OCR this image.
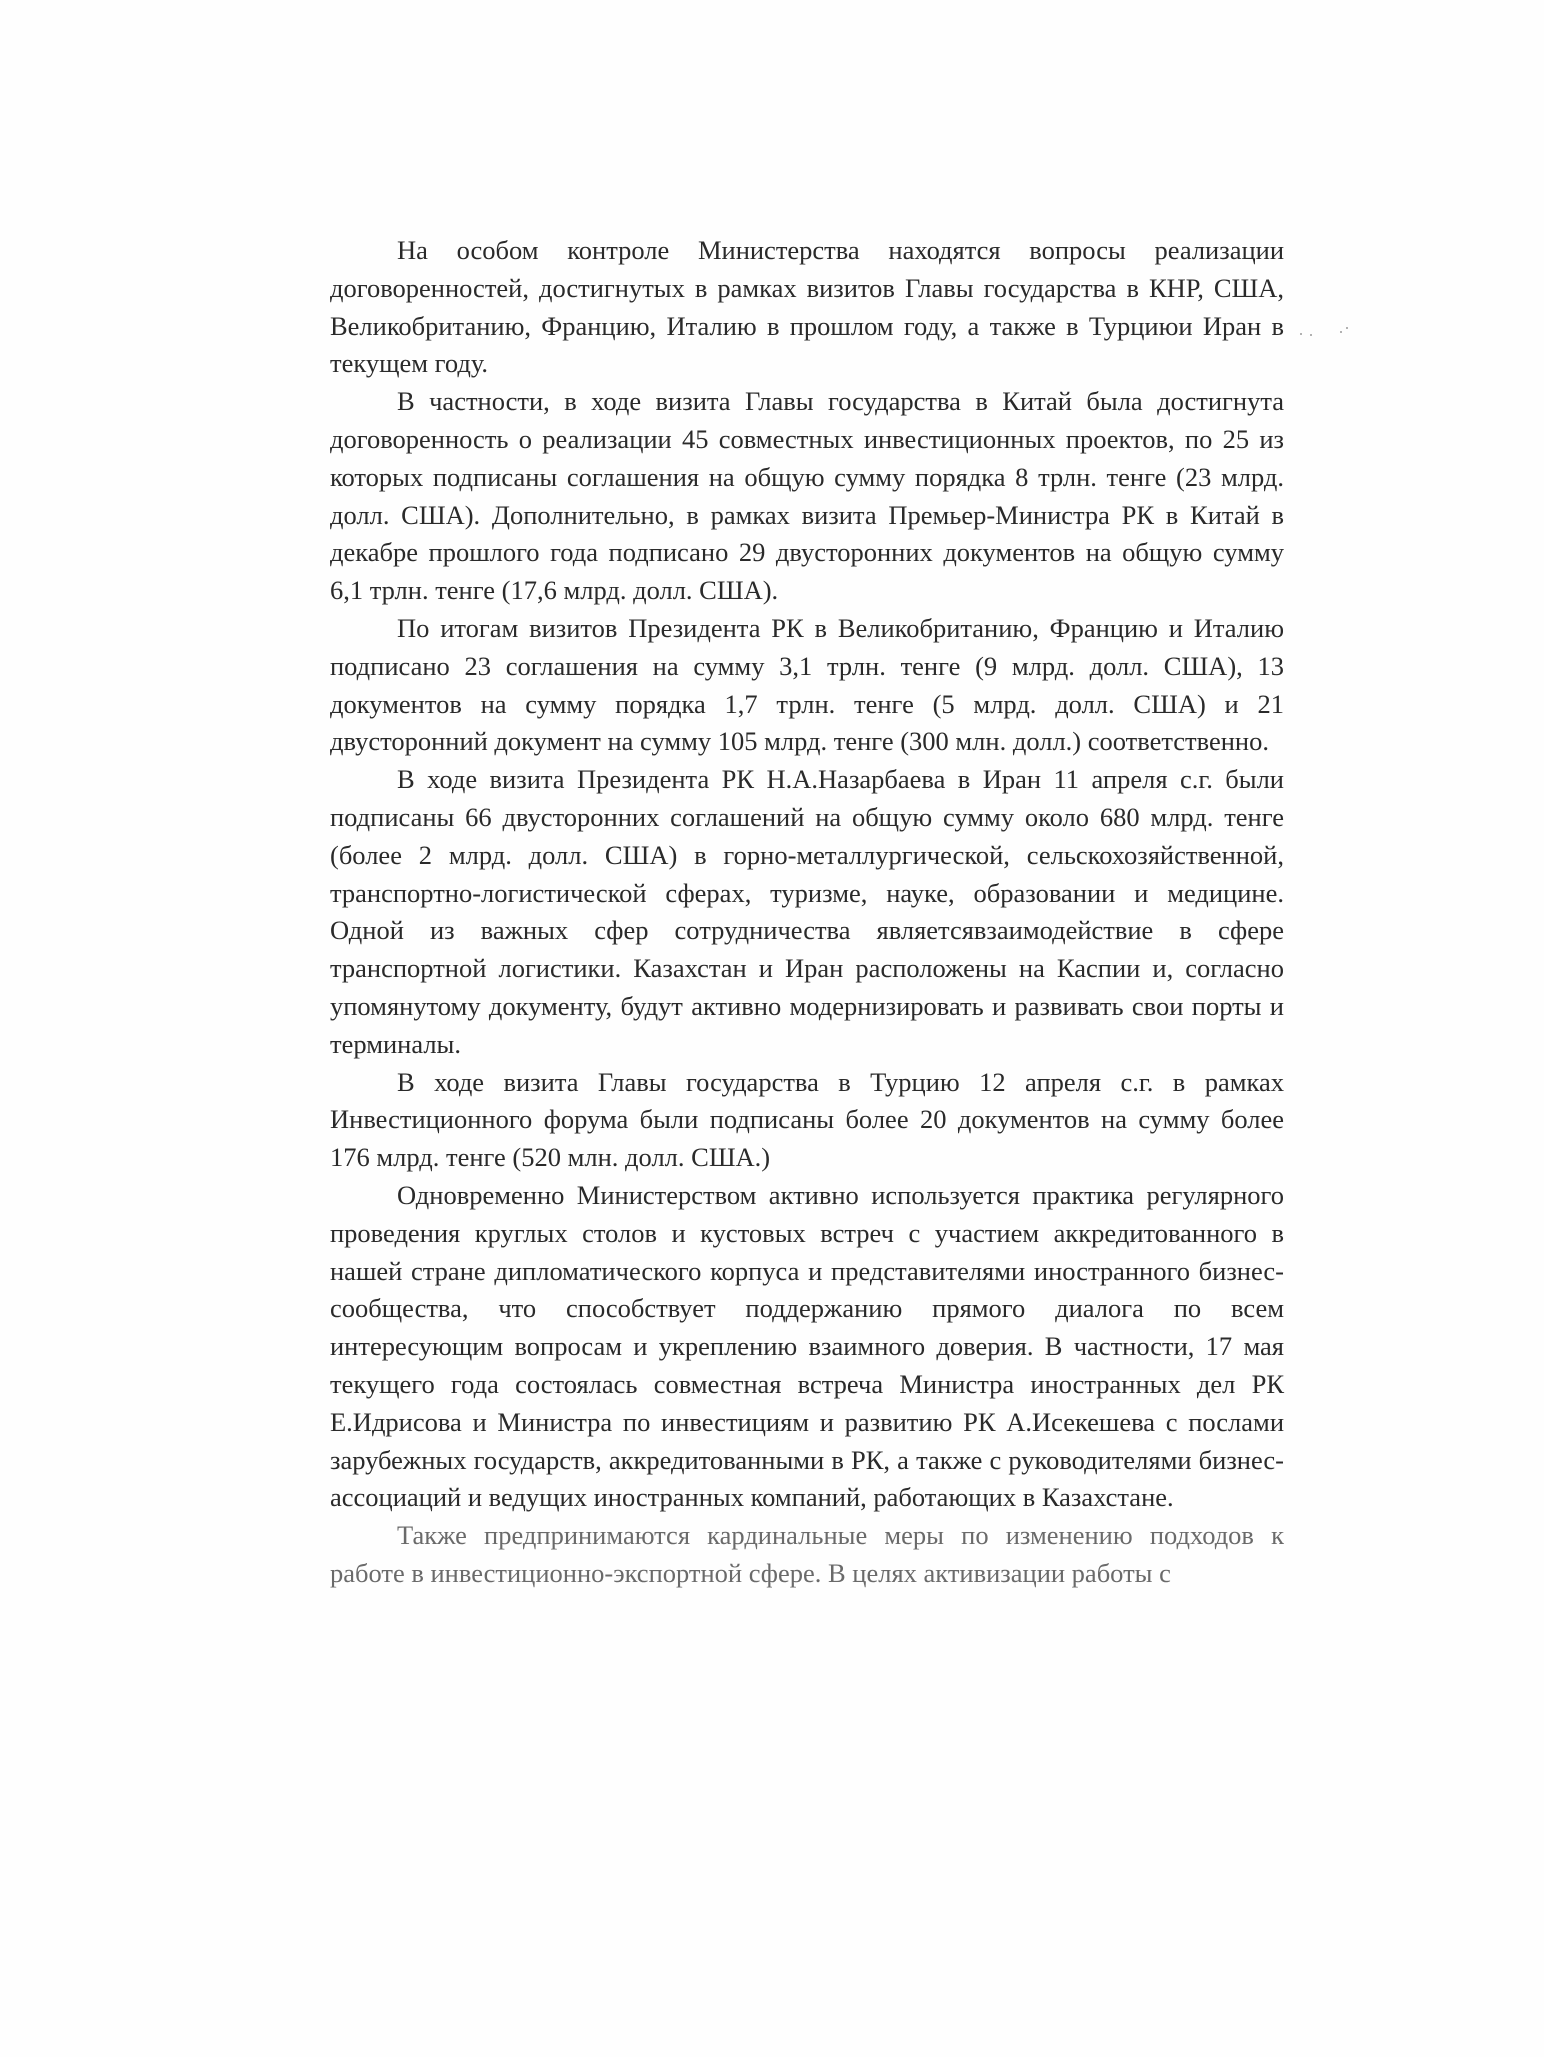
На особом контроле Министерства находятся вопросы реализации договоренностей, достигнутых в рамках визитов Главы государства в КНР, США, Великобританию, Францию, Италию в прошлом году, а также в Турциюи Иран в текущем году.

В частности, в ходе визита Главы государства в Китай была достигнута договоренность о реализации 45 совместных инвестиционных проектов, по 25 из которых подписаны соглашения на общую сумму порядка 8 трлн. тенге (23 млрд. долл. США). Дополнительно, в рамках визита Премьер-Министра РК в Китай в декабре прошлого года подписано 29 двусторонних документов на общую сумму 6,1 трлн. тенге (17,6 млрд. долл. США).

По итогам визитов Президента РК в Великобританию, Францию и Италию подписано 23 соглашения на сумму 3,1 трлн. тенге (9 млрд. долл. США), 13 документов на сумму порядка 1,7 трлн. тенге (5 млрд. долл. США) и 21 двусторонний документ на сумму 105 млрд. тенге (300 млн. долл.) соответственно.

В ходе визита Президента РК Н.А.Назарбаева в Иран 11 апреля с.г. были подписаны 66 двусторонних соглашений на общую сумму около 680 млрд. тенге (более 2 млрд. долл. США) в горно-металлургической, сельскохозяйственной, транспортно-логистической сферах, туризме, науке, образовании и медицине. Одной из важных сфер сотрудничества являетсявзаимодействие в сфере транспортной логистики. Казахстан и Иран расположены на Каспии и, согласно упомянутому документу, будут активно модернизировать и развивать свои порты и терминалы.

В ходе визита Главы государства в Турцию 12 апреля с.г. в рамках Инвестиционного форума были подписаны более 20 документов на сумму более 176 млрд. тенге (520 млн. долл. США.)

Одновременно Министерством активно используется практика регулярного проведения круглых столов и кустовых встреч с участием аккредитованного в нашей стране дипломатического корпуса и представителями иностранного бизнес-сообщества, что способствует поддержанию прямого диалога по всем интересующим вопросам и укреплению взаимного доверия. В частности, 17 мая текущего года состоялась совместная встреча Министра иностранных дел РК Е.Идрисова и Министра по инвестициям и развитию РК А.Исекешева с послами зарубежных государств, аккредитованными в РК, а также с руководителями бизнес-ассоциаций и ведущих иностранных компаний, работающих в Казахстане.

Также предпринимаются кардинальные меры по изменению подходов к работе в инвестиционно-экспортной сфере. В целях активизации работы с
